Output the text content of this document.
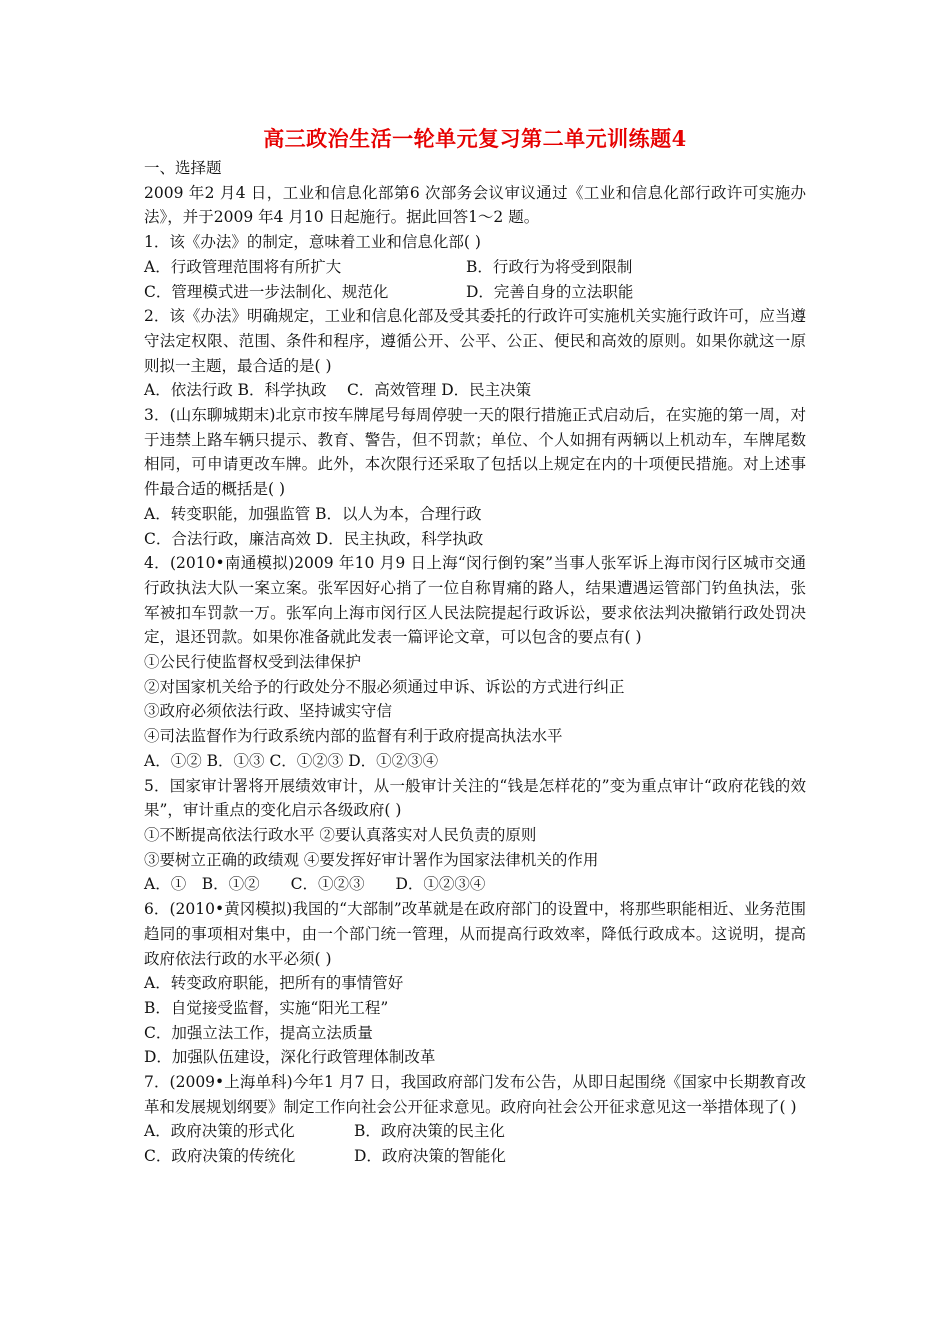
高三政治生活一轮单元复习第二单元训练题4
一、选择题
2009 年2 月4 日，工业和信息化部第6 次部务会议审议通过《工业和信息化部行政许可实施办法》，并于2009 年4 月10 日起施行。据此回答1～2 题。
1．该《办法》的制定，意味着工业和信息化部( )
A．行政管理范围将有所扩大	B．行政行为将受到限制
C．管理模式进一步法制化、规范化	D．完善自身的立法职能
2．该《办法》明确规定，工业和信息化部及受其委托的行政许可实施机关实施行政许可，应当遵守法定权限、范围、条件和程序，遵循公开、公平、公正、便民和高效的原则。如果你就这一原则拟一主题，最合适的是( )
A．依法行政 B．科学执政　 C．高效管理 D．民主决策
3．(山东聊城期末)北京市按车牌尾号每周停驶一天的限行措施正式启动后，在实施的第一周，对于违禁上路车辆只提示、教育、警告，但不罚款；单位、个人如拥有两辆以上机动车，车牌尾数相同，可申请更改车牌。此外，本次限行还采取了包括以上规定在内的十项便民措施。对上述事件最合适的概括是( )
A．转变职能，加强监管 B．以人为本，合理行政
C．合法行政，廉洁高效 D．民主执政，科学执政
4．(2010•南通模拟)2009 年10 月9 日上海“闵行倒钓案”当事人张军诉上海市闵行区城市交通行政执法大队一案立案。张军因好心捎了一位自称胃痛的路人，结果遭遇运管部门钓鱼执法，张军被扣车罚款一万。张军向上海市闵行区人民法院提起行政诉讼，要求依法判决撤销行政处罚决定，退还罚款。如果你准备就此发表一篇评论文章，可以包含的要点有( )
①公民行使监督权受到法律保护
②对国家机关给予的行政处分不服必须通过申诉、诉讼的方式进行纠正
③政府必须依法行政、坚持诚实守信
④司法监督作为行政系统内部的监督有利于政府提高执法水平
A．①② B．①③ C．①②③ D．①②③④
5．国家审计署将开展绩效审计，从一般审计关注的“钱是怎样花的”变为重点审计“政府花钱的效果”，审计重点的变化启示各级政府( )
①不断提高依法行政水平 ②要认真落实对人民负责的原则
③要树立正确的政绩观 ④要发挥好审计署作为国家法律机关的作用
A．①　B．①②　　C．①②③　　D．①②③④
6．(2010•黄冈模拟)我国的“大部制”改革就是在政府部门的设置中，将那些职能相近、业务范围趋同的事项相对集中，由一个部门统一管理，从而提高行政效率，降低行政成本。这说明，提高政府依法行政的水平必须( )
A．转变政府职能，把所有的事情管好
B．自觉接受监督，实施“阳光工程”
C．加强立法工作，提高立法质量
D．加强队伍建设，深化行政管理体制改革
7．(2009•上海单科)今年1 月7 日，我国政府部门发布公告，从即日起围绕《国家中长期教育改革和发展规划纲要》制定工作向社会公开征求意见。政府向社会公开征求意见这一举措体现了( )
A．政府决策的形式化	B．政府决策的民主化
C．政府决策的传统化	D．政府决策的智能化
